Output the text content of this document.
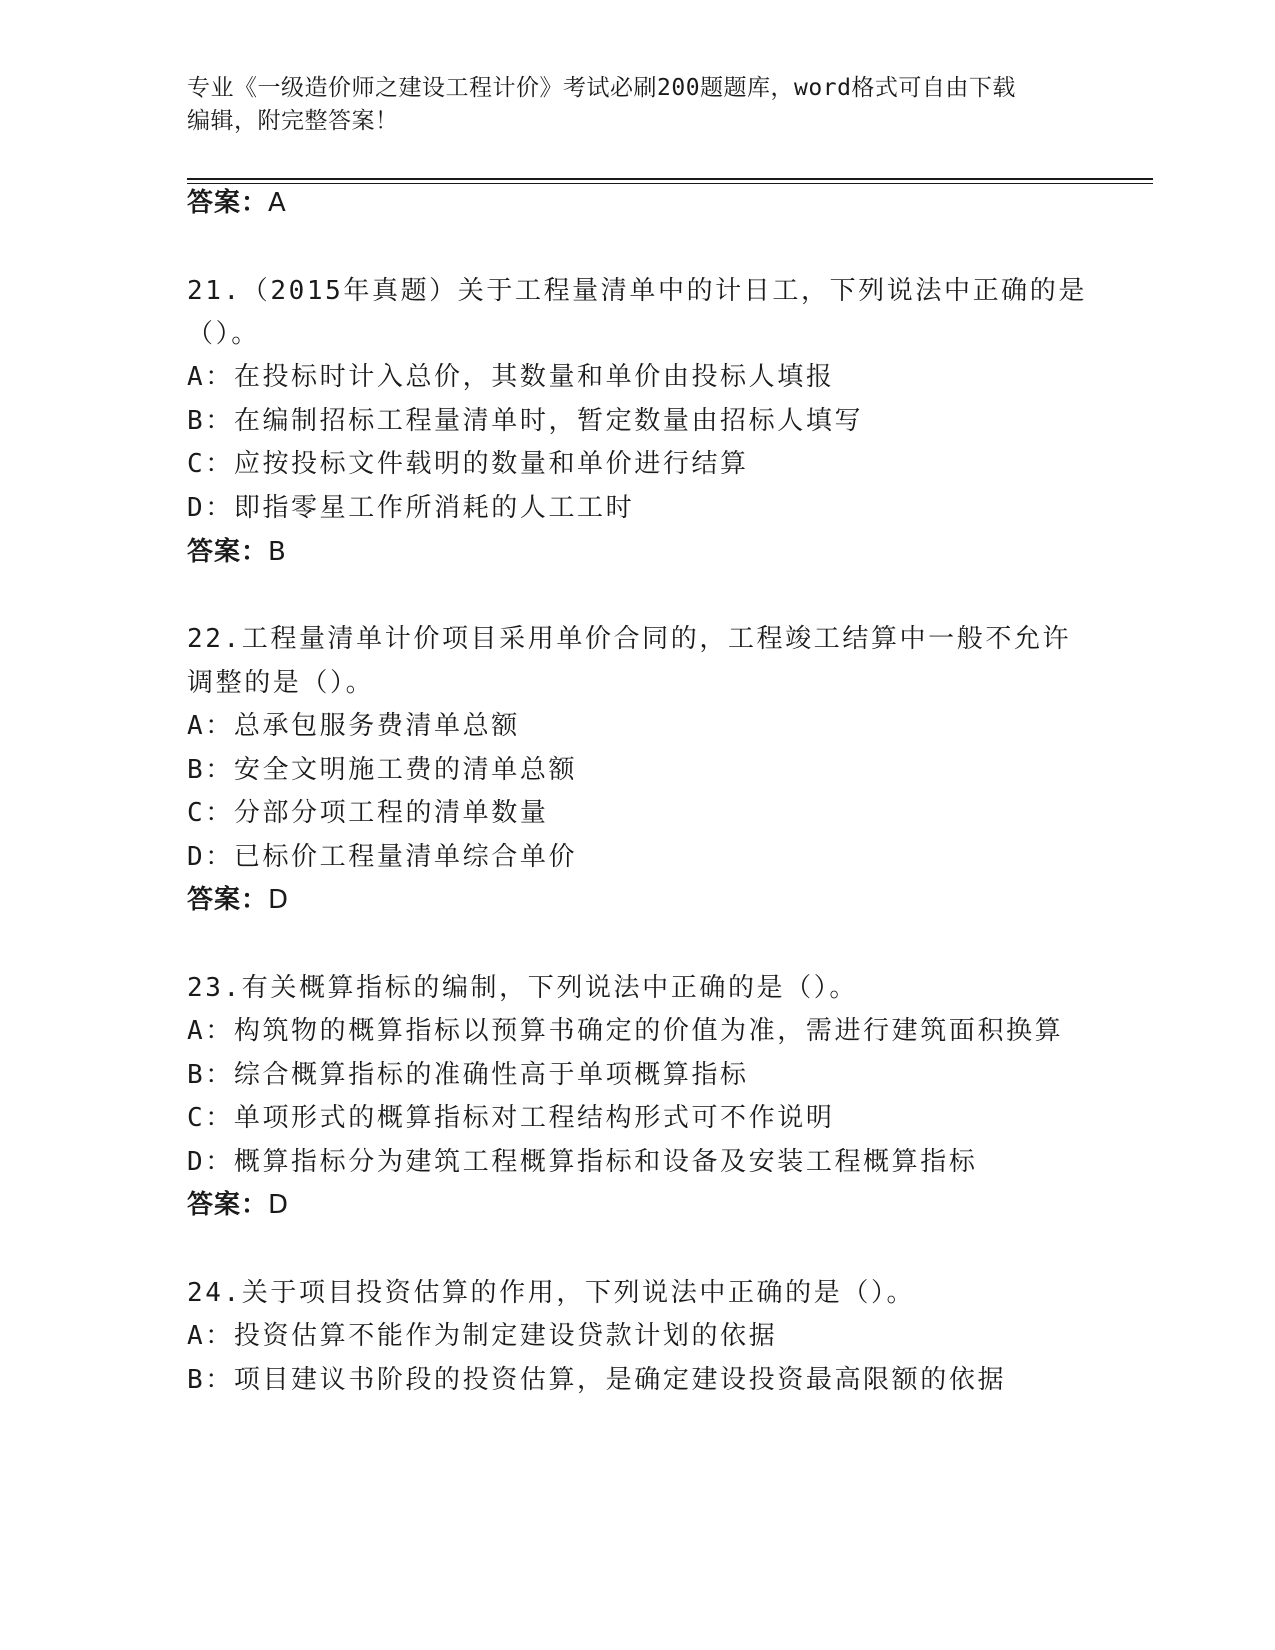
专业《一级造价师之建设工程计价》考试必刷200题题库，word格式可自由下载
编辑，附完整答案！
答案：A
21.（2015年真题）关于工程量清单中的计日工，下列说法中正确的是
（）。
A：在投标时计入总价，其数量和单价由投标人填报
B：在编制招标工程量清单时，暂定数量由招标人填写
C：应按投标文件载明的数量和单价进行结算
D：即指零星工作所消耗的人工工时
答案：B
22.工程量清单计价项目采用单价合同的，工程竣工结算中一般不允许
调整的是（）。
A：总承包服务费清单总额
B：安全文明施工费的清单总额
C：分部分项工程的清单数量
D：已标价工程量清单综合单价
答案：D
23.有关概算指标的编制，下列说法中正确的是（）。
A：构筑物的概算指标以预算书确定的价值为准，需进行建筑面积换算
B：综合概算指标的准确性高于单项概算指标
C：单项形式的概算指标对工程结构形式可不作说明
D：概算指标分为建筑工程概算指标和设备及安装工程概算指标
答案：D
24.关于项目投资估算的作用，下列说法中正确的是（）。
A：投资估算不能作为制定建设贷款计划的依据
B：项目建议书阶段的投资估算，是确定建设投资最高限额的依据
